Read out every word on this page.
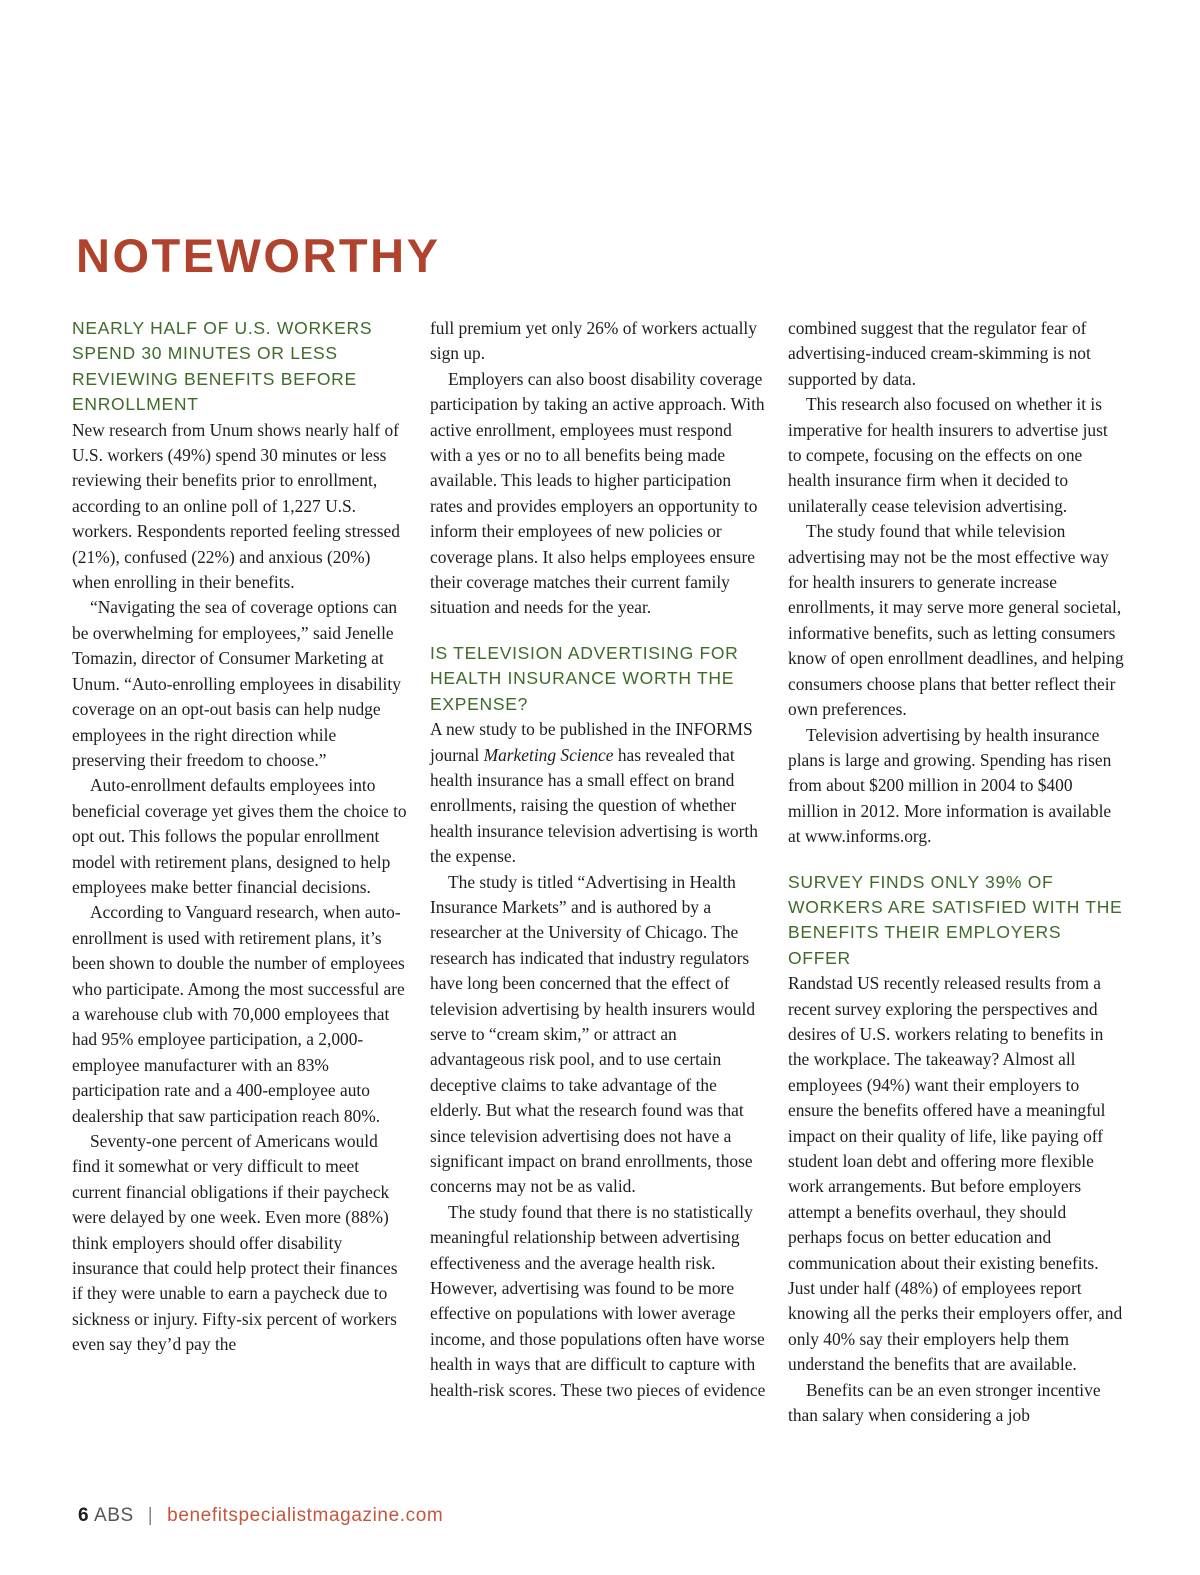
NOTEWORTHY
NEARLY HALF OF U.S. WORKERS SPEND 30 MINUTES OR LESS REVIEWING BENEFITS BEFORE ENROLLMENT

New research from Unum shows nearly half of U.S. workers (49%) spend 30 minutes or less reviewing their benefits prior to enrollment, according to an online poll of 1,227 U.S. workers. Respondents reported feeling stressed (21%), confused (22%) and anxious (20%) when enrolling in their benefits.

“Navigating the sea of coverage options can be overwhelming for employees,” said Jenelle Tomazin, director of Consumer Marketing at Unum. “Auto-enrolling employees in disability coverage on an opt-out basis can help nudge employees in the right direction while preserving their freedom to choose.”

Auto-enrollment defaults employees into beneficial coverage yet gives them the choice to opt out. This follows the popular enrollment model with retirement plans, designed to help employees make better financial decisions.

According to Vanguard research, when auto-enrollment is used with retirement plans, it’s been shown to double the number of employees who participate. Among the most successful are a warehouse club with 70,000 employees that had 95% employee participation, a 2,000-employee manufacturer with an 83% participation rate and a 400-employee auto dealership that saw participation reach 80%.

Seventy-one percent of Americans would find it somewhat or very difficult to meet current financial obligations if their paycheck were delayed by one week. Even more (88%) think employers should offer disability insurance that could help protect their finances if they were unable to earn a paycheck due to sickness or injury. Fifty-six percent of workers even say they’d pay the

full premium yet only 26% of workers actually sign up.

Employers can also boost disability coverage participation by taking an active approach. With active enrollment, employees must respond with a yes or no to all benefits being made available. This leads to higher participation rates and provides employers an opportunity to inform their employees of new policies or coverage plans. It also helps employees ensure their coverage matches their current family situation and needs for the year.

IS TELEVISION ADVERTISING FOR HEALTH INSURANCE WORTH THE EXPENSE?

A new study to be published in the INFORMS journal Marketing Science has revealed that health insurance has a small effect on brand enrollments, raising the question of whether health insurance television advertising is worth the expense.

The study is titled “Advertising in Health Insurance Markets” and is authored by a researcher at the University of Chicago. The research has indicated that industry regulators have long been concerned that the effect of television advertising by health insurers would serve to “cream skim,” or attract an advantageous risk pool, and to use certain deceptive claims to take advantage of the elderly. But what the research found was that since television advertising does not have a significant impact on brand enrollments, those concerns may not be as valid.

The study found that there is no statistically meaningful relationship between advertising effectiveness and the average health risk. However, advertising was found to be more effective on populations with lower average income, and those populations often have worse health in ways that are difficult to capture with health-risk scores. These two pieces of evidence

combined suggest that the regulator fear of advertising-induced cream-skimming is not supported by data.

This research also focused on whether it is imperative for health insurers to advertise just to compete, focusing on the effects on one health insurance firm when it decided to unilaterally cease television advertising.

The study found that while television advertising may not be the most effective way for health insurers to generate increase enrollments, it may serve more general societal, informative benefits, such as letting consumers know of open enrollment deadlines, and helping consumers choose plans that better reflect their own preferences.

Television advertising by health insurance plans is large and growing. Spending has risen from about $200 million in 2004 to $400 million in 2012. More information is available at www.informs.org.

SURVEY FINDS ONLY 39% OF WORKERS ARE SATISFIED WITH THE BENEFITS THEIR EMPLOYERS OFFER

Randstad US recently released results from a recent survey exploring the perspectives and desires of U.S. workers relating to benefits in the workplace. The takeaway? Almost all employees (94%) want their employers to ensure the benefits offered have a meaningful impact on their quality of life, like paying off student loan debt and offering more flexible work arrangements. But before employers attempt a benefits overhaul, they should perhaps focus on better education and communication about their existing benefits. Just under half (48%) of employees report knowing all the perks their employers offer, and only 40% say their employers help them understand the benefits that are available.

Benefits can be an even stronger incentive than salary when considering a job

6 ABS | benefitspecialistmagazine.com
